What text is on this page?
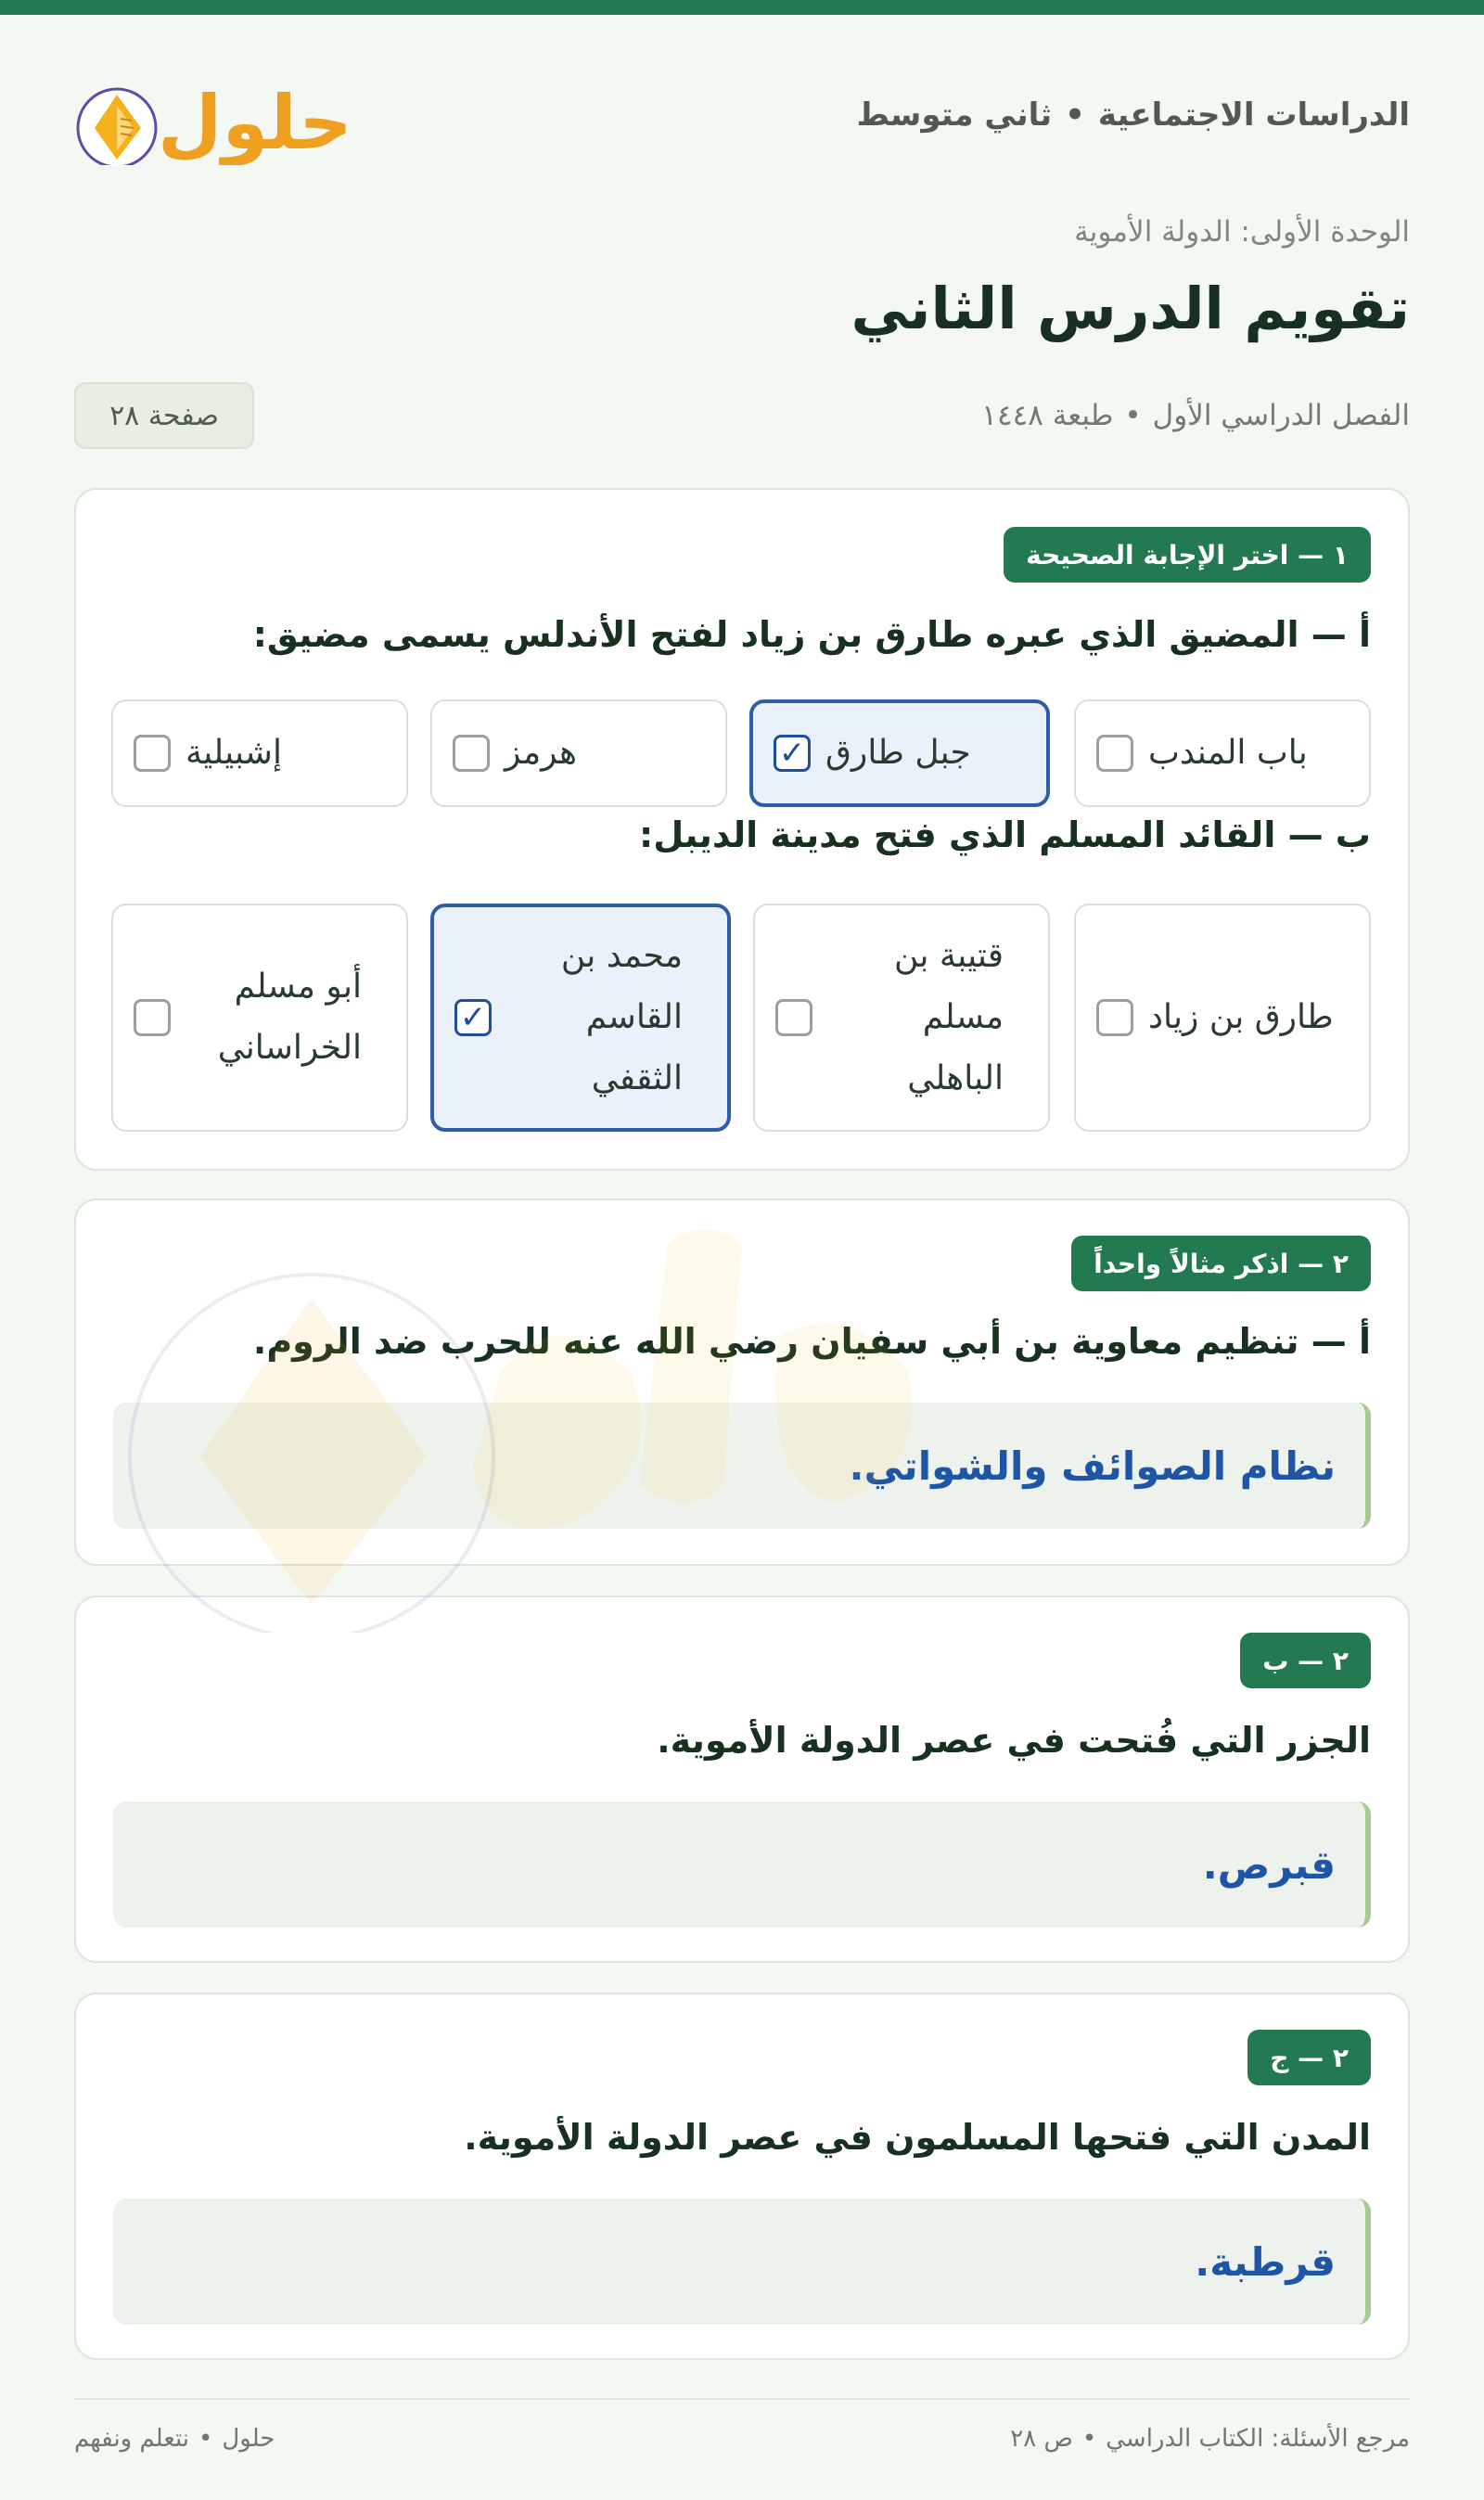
الدراسات الاجتماعية•ثاني متوسط
حلول
الوحدة الأولى: الدولة الأموية
تقويم الدرس الثاني
الفصل الدراسي الأول•طبعة ١٤٤٨
صفحة ٢٨
١ — اختر الإجابة الصحيحة
أ — المضيق الذي عبره طارق بن زياد لفتح الأندلس يسمى مضيق:
باب المندب
جبل طارق
✓
هرمز
إشبيلية
ب — القائد المسلم الذي فتح مدينة الديبل:
طارق بن زياد
قتيبة بن مسلم الباهلي
محمد بن القاسم الثقفي
✓
أبو مسلم الخراساني
٢ — اذكر مثالاً واحداً
أ — تنظيم معاوية بن أبي سفيان رضي الله عنه للحرب ضد الروم.
نظام الصوائف والشواتي.
٢ — ب
الجزر التي فُتحت في عصر الدولة الأموية.
قبرص.
٢ — ج
المدن التي فتحها المسلمون في عصر الدولة الأموية.
قرطبة.
مرجع الأسئلة: الكتاب الدراسي•ص ٢٨
حلول•نتعلم ونفهم
